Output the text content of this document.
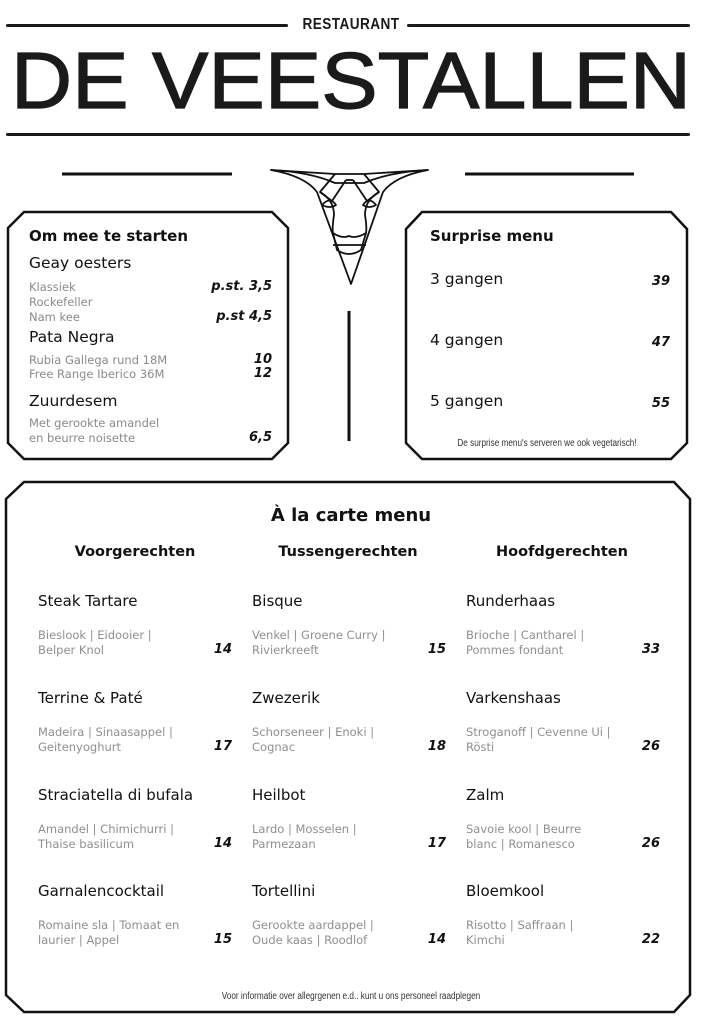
RESTAURANT
DE VEESTALLEN
Om mee te starten
Geay oesters
Klassiek	p.st. 3,5
Rockefeller
Nam kee	p.st 4,5
Pata Negra
Rubia Gallega rund 18M	10
Free Range Iberico 36M	12
Zuurdesem
Met gerookte amandel
en beurre noisette	6,5
Surprise menu
3 gangen	39
4 gangen	47
5 gangen	55
De surprise menu's serveren we ook vegetarisch!
À la carte menu
Voorgerechten	Tussengerechten	Hoofdgerechten
Steak Tartare
Bieslook | Eidooier |
Belper Knol	14
Terrine & Paté
Madeira | Sinaasappel |
Geitenyoghurt	17
Straciatella di bufala
Amandel | Chimichurri |
Thaise basilicum	14
Garnalencocktail
Romaine sla | Tomaat en
laurier | Appel	15
Bisque
Venkel | Groene Curry |
Rivierkreeft	15
Zwezerik
Schorseneer | Enoki |
Cognac	18
Heilbot
Lardo | Mosselen |
Parmezaan	17
Tortellini
Gerookte aardappel |
Oude kaas | Roodlof	14
Runderhaas
Brioche | Cantharel |
Pommes fondant	33
Varkenshaas
Stroganoff | Cevenne Ui |
Rösti	26
Zalm
Savoie kool | Beurre
blanc | Romanesco	26
Bloemkool
Risotto | Saffraan |
Kimchi	22
Voor informatie over allegrgenen e.d.. kunt u ons personeel raadplegen
